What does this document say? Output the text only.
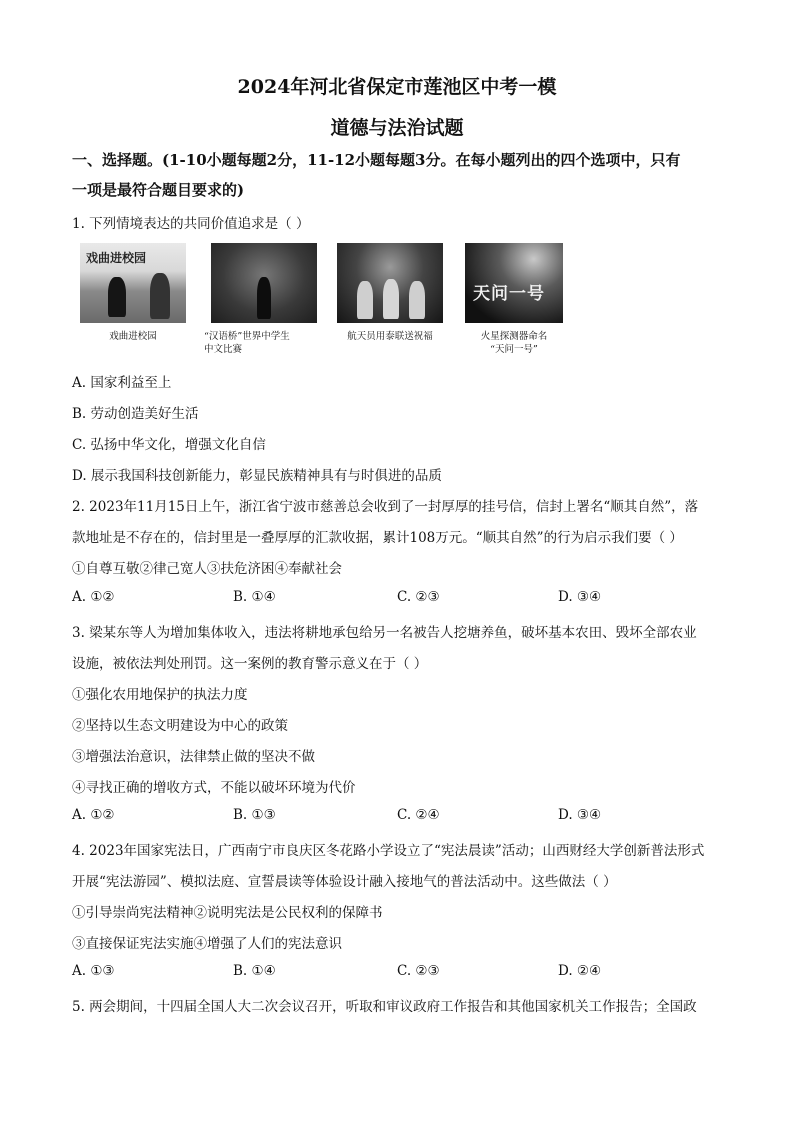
2024年河北省保定市莲池区中考一模
道德与法治试题
一、选择题。(1-10小题每题2分，11-12小题每题3分。在每小题列出的四个选项中，只有
一项是最符合题目要求的)
1. 下列情境表达的共同价值追求是（ ）
戏曲进校园
天问一号
戏曲进校园	“汉语桥”世界中学生
中文比赛
航天员用泰联送祝福	火星探测器命名
“天问一号”
A. 国家利益至上
B. 劳动创造美好生活
C. 弘扬中华文化，增强文化自信
D. 展示我国科技创新能力，彰显民族精神具有与时俱进的品质
2. 2023年11月15日上午，浙江省宁波市慈善总会收到了一封厚厚的挂号信，信封上署名“顺其自然”，落
款地址是不存在的，信封里是一叠厚厚的汇款收据，累计108万元。“顺其自然”的行为启示我们要（ ）
①自尊互敬②律己宽人③扶危济困④奉献社会
A. ①②	B. ①④	C. ②③	D. ③④
3. 梁某东等人为增加集体收入，违法将耕地承包给另一名被告人挖塘养鱼，破坏基本农田、毁坏全部农业
设施，被依法判处刑罚。这一案例的教育警示意义在于（ ）
①强化农用地保护的执法力度
②坚持以生态文明建设为中心的政策
③增强法治意识，法律禁止做的坚决不做
④寻找正确的增收方式，不能以破坏环境为代价
A. ①②	B. ①③	C. ②④	D. ③④
4. 2023年国家宪法日，广西南宁市良庆区冬花路小学设立了“宪法晨读”活动；山西财经大学创新普法形式
开展“宪法游园”、模拟法庭、宣誓晨读等体验设计融入接地气的普法活动中。这些做法（ ）
①引导崇尚宪法精神②说明宪法是公民权利的保障书
③直接保证宪法实施④增强了人们的宪法意识
A. ①③	B. ①④	C. ②③	D. ②④
5. 两会期间，十四届全国人大二次会议召开，听取和审议政府工作报告和其他国家机关工作报告；全国政
